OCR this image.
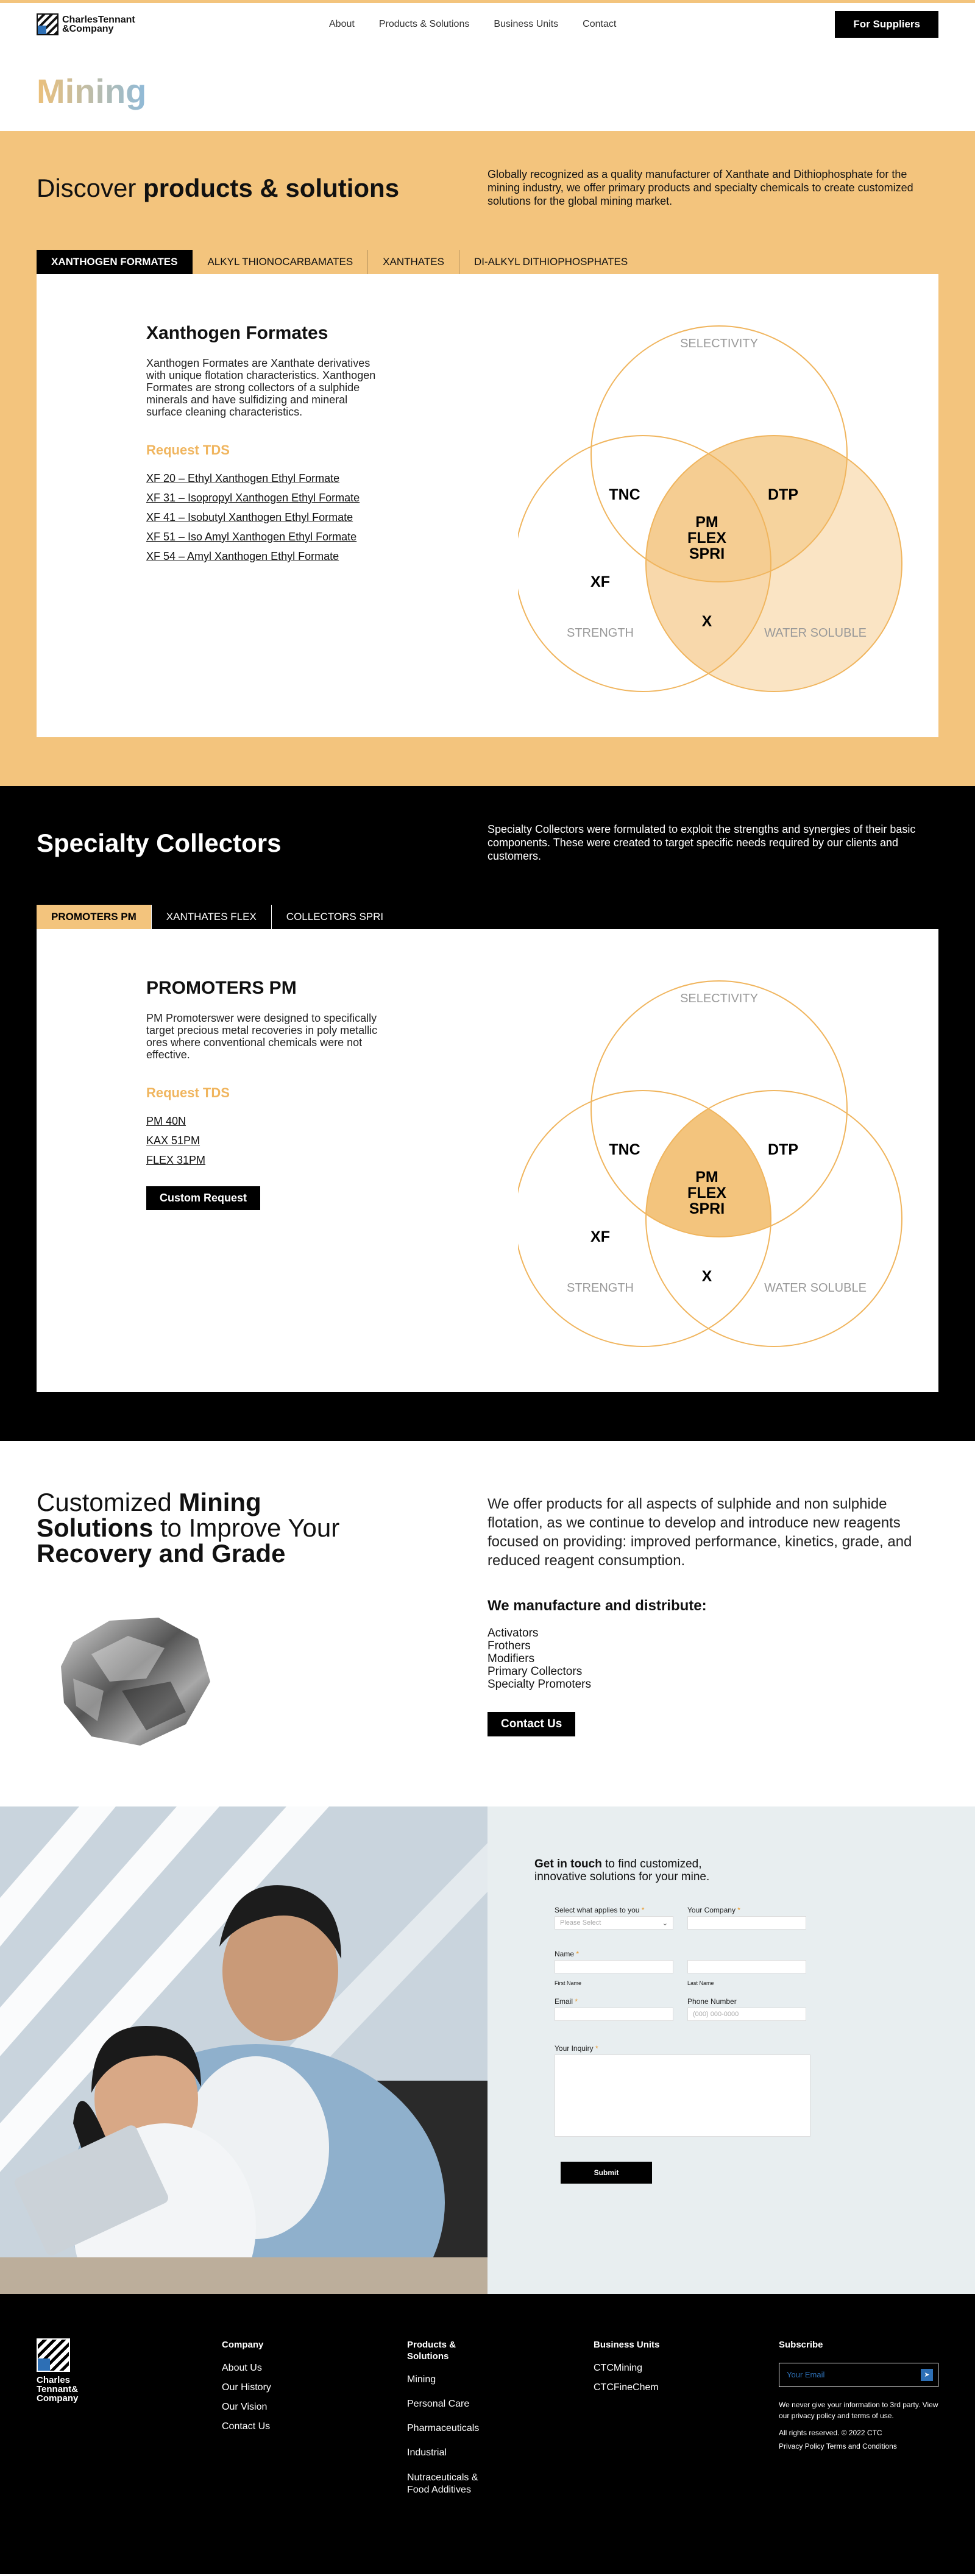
CharlesTennant
&Company	About	Products & Solutions	Business Units	Contact	For Suppliers
Mining
Discover products & solutions	Globally recognized as a quality manufacturer of Xanthate and Dithiophosphate for the mining industry, we offer primary products and specialty chemicals to create customized solutions for the global mining market.

XANTHOGEN FORMATES	ALKYL THIONOCARBAMATES	XANTHATES	DI-ALKYL DITHIOPHOSPHATES
Xanthogen Formates

Xanthogen Formates are Xanthate derivatives with unique flotation characteristics. Xanthogen Formates are strong collectors of a sulphide minerals and have sulfidizing and mineral surface cleaning characteristics.

Request TDS
XF 20 – Ethyl Xanthogen Ethyl Formate
XF 31 – Isopropyl Xanthogen Ethyl Formate
XF 41 – Isobutyl Xanthogen Ethyl Formate
XF 51 – Iso Amyl Xanthogen Ethyl Formate
XF 54 – Amyl Xanthogen Ethyl Formate
SELECTIVITY
STRENGTH	WATER SOLUBLE
TNC	DTP
XF
X
PM
FLEX
SPRI
Specialty Collectors	Specialty Collectors were formulated to exploit the strengths and synergies of their basic components. These were created to target specific needs required by our clients and customers.

PROMOTERS PM	XANTHATES FLEX	COLLECTORS SPRI
PROMOTERS PM

PM Promoterswer were designed to specifically target precious metal recoveries in poly metallic ores where conventional chemicals were not effective.

Request TDS
PM 40N
KAX 51PM
FLEX 31PM
Custom Request
SELECTIVITY
STRENGTH	WATER SOLUBLE
TNC	DTP
XF
X
PM
FLEX
SPRI
Customized Mining
Solutions to Improve Your
Recovery and Grade

We offer products for all aspects of sulphide and non sulphide flotation, as we continue to develop and introduce new reagents focused on providing: improved performance, kinetics, grade, and reduced reagent consumption.

We manufacture and distribute:
Activators
Frothers
Modifiers
Primary Collectors
Specialty Promoters
Contact Us
Get in touch to find customized, innovative solutions for your mine.
Select what applies to you *
Please Select	⌄
Your Company *
Name *
First Name	Last Name
Email *	Phone Number
(000) 000-0000
Your Inquiry *
Submit
Charles
Tennant&
Company
Company
About Us
Our History
Our Vision
Contact Us
Products & Solutions
Mining
Personal Care
Pharmaceuticals
Industrial
Nutraceuticals & Food Additives
Business Units
CTCMining
CTCFineChem
Subscribe
Your Email	➤

We never give your information to 3rd party. View our privacy policy and terms of use.

All rights reserved. © 2022 CTC

Privacy Policy Terms and Conditions
